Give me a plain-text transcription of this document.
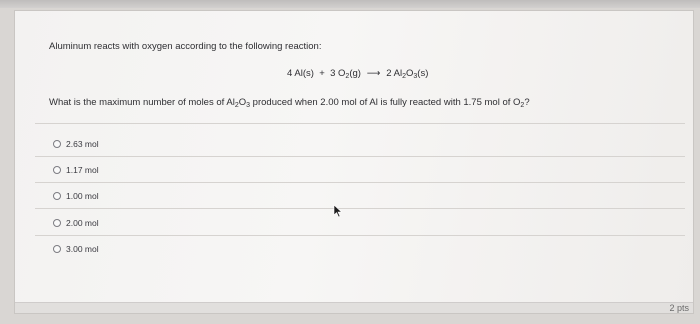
Aluminum reacts with oxygen according to the following reaction:
4 Al(s) + 3 $O_2(g)$ ⟶ 2 $Al_2O_3(s)$
What is the maximum number of moles of $Al_2O_3$ produced when 2.00 mol of Al is fully reacted with 1.75 mol of $O_2$?
2.63 mol
1.17 mol
1.00 mol
2.00 mol
3.00 mol
2 pts
